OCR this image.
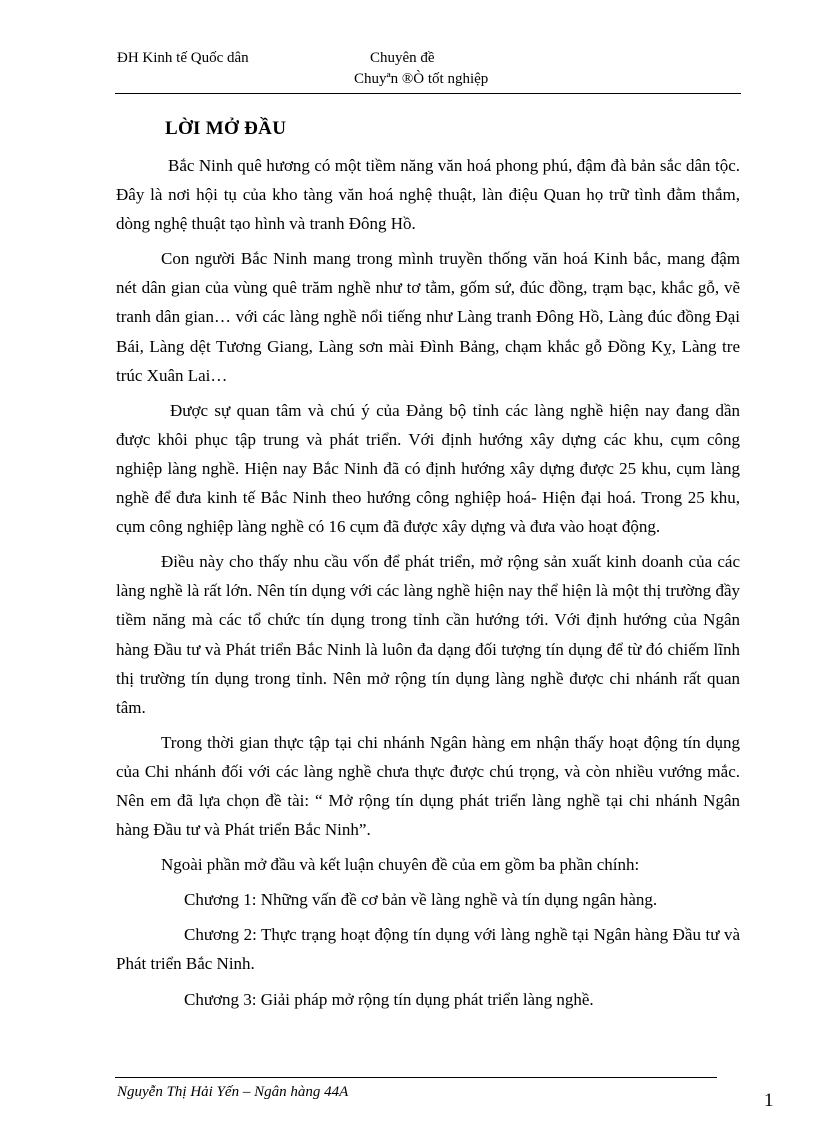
ĐH Kinh tế Quốc dân	Chuyên đề
Chuyªn ®Ò tốt nghiệp
LỜI MỞ ĐẦU

Bắc Ninh quê hương có một tiềm năng văn hoá phong phú, đậm đà bản sắc dân tộc. Đây là nơi hội tụ của kho tàng văn hoá nghệ thuật, làn điệu Quan họ trữ tình đằm thắm, dòng nghệ thuật tạo hình và tranh Đông Hồ.

Con người Bắc Ninh mang trong mình truyền thống văn hoá Kinh bắc, mang đậm nét dân gian của vùng quê trăm nghề như tơ tằm, gốm sứ, đúc đồng, trạm bạc, khắc gỗ, vẽ tranh dân gian… với các làng nghề nổi tiếng như Làng tranh Đông Hồ, Làng đúc đồng Đại Bái, Làng dệt Tương Giang, Làng sơn mài Đình Bảng, chạm khắc gỗ Đồng Kỵ, Làng tre trúc Xuân Lai…

Được sự quan tâm và chú ý của Đảng bộ tỉnh các làng nghề hiện nay đang dần được khôi phục tập trung và phát triển. Với định hướng xây dựng các khu, cụm công nghiệp làng nghề. Hiện nay Bắc Ninh đã có định hướng xây dựng được 25 khu, cụm làng nghề để đưa kinh tế Bắc Ninh theo hướng công nghiệp hoá- Hiện đại hoá. Trong 25 khu, cụm công nghiệp làng nghề có 16 cụm đã được xây dựng và đưa vào hoạt động.

Điều này cho thấy nhu cầu vốn để phát triển, mở rộng sản xuất kinh doanh của các làng nghề là rất lớn. Nên tín dụng với các làng nghề hiện nay thể hiện là một thị trường đầy tiềm năng mà các tổ chức tín dụng trong tỉnh cần hướng tới. Với định hướng của Ngân hàng Đầu tư và Phát triển Bắc Ninh là luôn đa dạng đối tượng tín dụng để từ đó chiếm lĩnh thị trường tín dụng trong tỉnh. Nên mở rộng tín dụng làng nghề được chi nhánh rất quan tâm.

Trong thời gian thực tập tại chi nhánh Ngân hàng em nhận thấy hoạt động tín dụng của Chi nhánh đối với các làng nghề chưa thực được chú trọng, và còn nhiều vướng mắc. Nên em đã lựa chọn đề tài: “ Mở rộng tín dụng phát triển làng nghề tại chi nhánh Ngân hàng Đầu tư và Phát triển Bắc Ninh”.

Ngoài phần mở đầu và kết luận chuyên đề của em gồm ba phần chính:

Chương 1: Những vấn đề cơ bản về làng nghề và tín dụng ngân hàng.

Chương 2: Thực trạng hoạt động tín dụng với làng nghề tại Ngân hàng Đầu tư và Phát triển Bắc Ninh.

Chương 3: Giải pháp mở rộng tín dụng phát triển làng nghề.

Nguyễn Thị Hải Yến – Ngân hàng 44A	1
